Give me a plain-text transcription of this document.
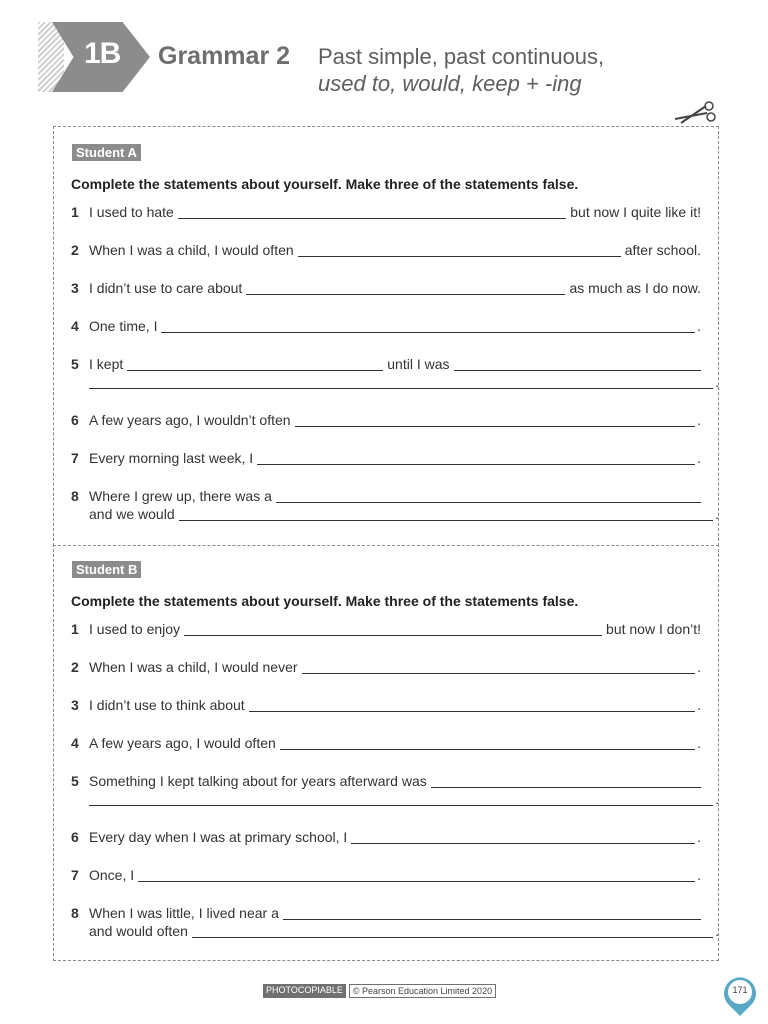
1B Grammar 2 Past simple, past continuous,
used to, would, keep + -ing
Student A
Complete the statements about yourself. Make three of the statements false.
1 I used to hate	but now I quite like it!
2 When I was a child, I would often	after school.
3 I didn’t use to care about	as much as I do now.
4 One time, I	.
5 I kept	until I was
.
6 A few years ago, I wouldn’t often	.
7 Every morning last week, I	.
8 Where I grew up, there was a
and we would	.
Student B
Complete the statements about yourself. Make three of the statements false.
1 I used to enjoy	but now I don’t!
2 When I was a child, I would never	.
3 I didn’t use to think about	.
4 A few years ago, I would often	.
5 Something I kept talking about for years afterward was
.
6 Every day when I was at primary school, I	.
7 Once, I	.
8 When I was little, I lived near a
and would often	.
PHOTOCOPIABLE	© Pearson Education Limited 2020	171
